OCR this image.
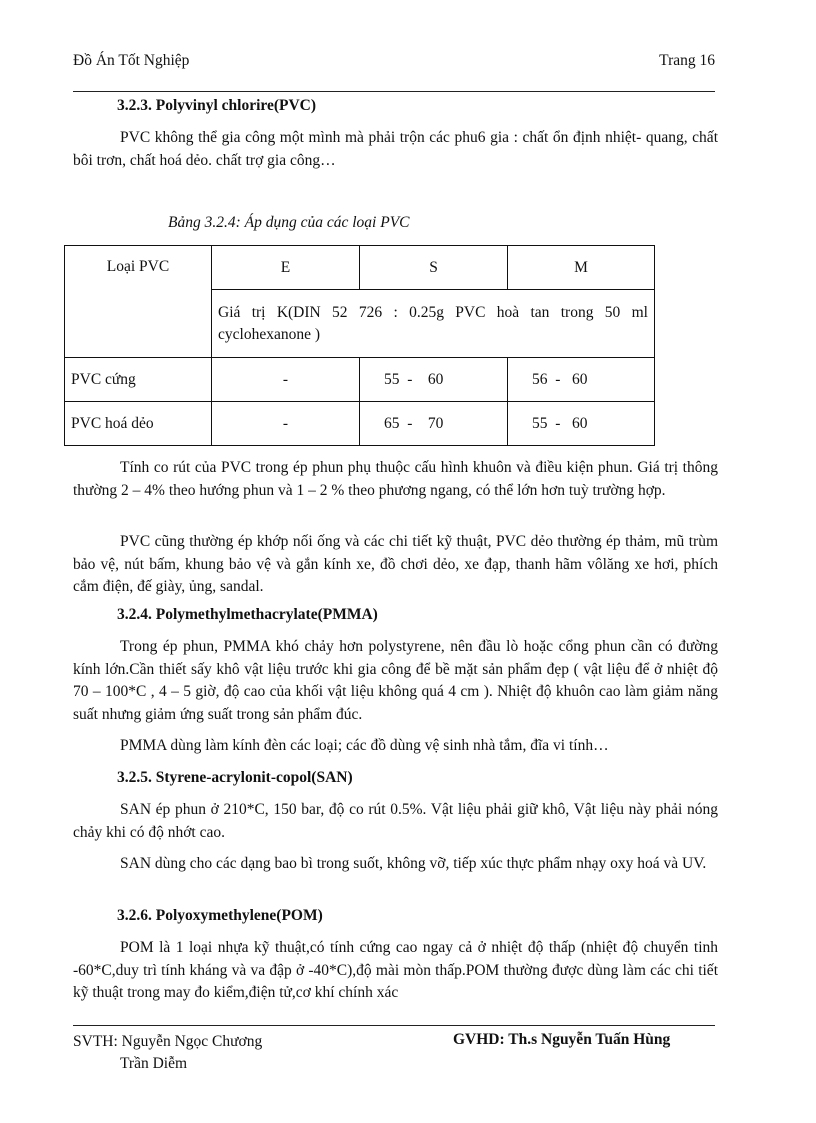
Đồ Án Tốt Nghiệp	Trang 16
3.2.3. Polyvinyl chlorire(PVC)
PVC không thể gia công một mình mà phải trộn các phu6 gia : chất ổn định nhiệt- quang, chất bôi trơn, chất hoá dẻo. chất trợ gia công…
Bảng 3.2.4: Áp dụng của các loại PVC
Loại PVC	E	S	M
	Giá trị K(DIN 52 726 : 0.25g PVC hoà tan trong 50 ml cyclohexanone )		
PVC cứng	-	55  -    60	56  -   60
PVC hoá dẻo	-	65  -    70	55  -   60
Tính co rút của PVC trong ép phun phụ thuộc cấu hình khuôn và điều kiện phun. Giá trị thông thường 2 – 4% theo hướng phun và 1 – 2 % theo phương ngang, có thể lớn hơn tuỳ trường hợp.
PVC cũng thường ép khớp nối ống và các chi tiết kỹ thuật, PVC dẻo thường ép thảm, mũ trùm bảo vệ, nút bấm, khung bảo vệ và gắn kính xe, đồ chơi dẻo, xe đạp, thanh hãm vôlăng xe hơi, phích cắm điện, đế giày, ủng, sandal.
3.2.4. Polymethylmethacrylate(PMMA)
Trong ép phun, PMMA khó chảy hơn polystyrene, nên đầu lò hoặc cổng phun cần có đường kính lớn.Cần thiết sấy khô vật liệu trước khi gia công để bề mặt sản phẩm đẹp ( vật liệu để ở nhiệt độ 70 – 100*C , 4 – 5 giờ, độ cao của khối vật liệu không quá 4 cm ). Nhiệt độ khuôn cao làm giảm năng suất nhưng giảm ứng suất trong sản phẩm đúc.
PMMA dùng làm kính đèn các loại; các đồ dùng vệ sinh nhà tắm, đĩa vi tính…
3.2.5. Styrene-acrylonit-copol(SAN)
SAN ép phun ở 210*C, 150 bar, độ co rút 0.5%. Vật liệu phải giữ khô, Vật liệu này phải nóng chảy khi có độ nhớt cao.
SAN dùng cho các dạng bao bì trong suốt, không vỡ, tiếp xúc thực phẩm nhạy oxy hoá và UV.
3.2.6. Polyoxymethylene(POM)
POM là 1 loại nhựa kỹ thuật,có tính cứng cao ngay cả ở nhiệt độ thấp (nhiệt độ chuyển tinh -60*C,duy trì tính kháng và va đập ở -40*C),độ mài mòn thấp.POM thường được dùng làm các chi tiết kỹ thuật trong may đo kiểm,điện tử,cơ khí chính xác
SVTH: Nguyễn Ngọc Chương
Trần Diễm
GVHD: Th.s Nguyễn Tuấn Hùng
